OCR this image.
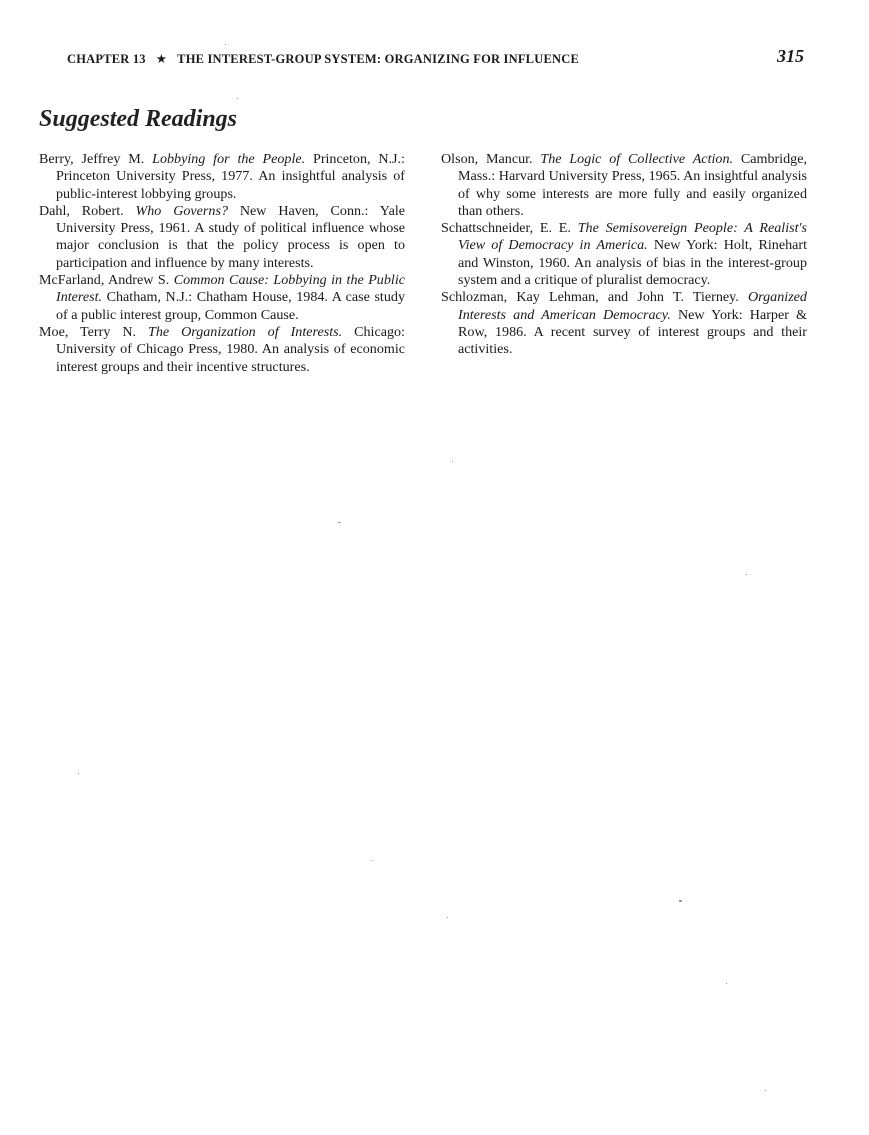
CHAPTER 13 ★ THE INTEREST-GROUP SYSTEM: ORGANIZING FOR INFLUENCE	315
Suggested Readings

Berry, Jeffrey M. Lobbying for the People. Princeton, N.J.: Princeton University Press, 1977. An insightful analysis of public-interest lobbying groups.

Dahl, Robert. Who Governs? New Haven, Conn.: Yale University Press, 1961. A study of political influence whose major conclusion is that the policy process is open to participation and influence by many interests.

McFarland, Andrew S. Common Cause: Lobbying in the Public Interest. Chatham, N.J.: Chatham House, 1984. A case study of a public interest group, Common Cause.

Moe, Terry N. The Organization of Interests. Chicago: University of Chicago Press, 1980. An analysis of economic interest groups and their incentive structures.

Olson, Mancur. The Logic of Collective Action. Cambridge, Mass.: Harvard University Press, 1965. An insightful analysis of why some interests are more fully and easily organized than others.

Schattschneider, E. E. The Semisovereign People: A Realist's View of Democracy in America. New York: Holt, Rinehart and Winston, 1960. An analysis of bias in the interest-group system and a critique of pluralist democracy.

Schlozman, Kay Lehman, and John T. Tierney. Organized Interests and American Democracy. New York: Harper & Row, 1986. A recent survey of interest groups and their activities.
